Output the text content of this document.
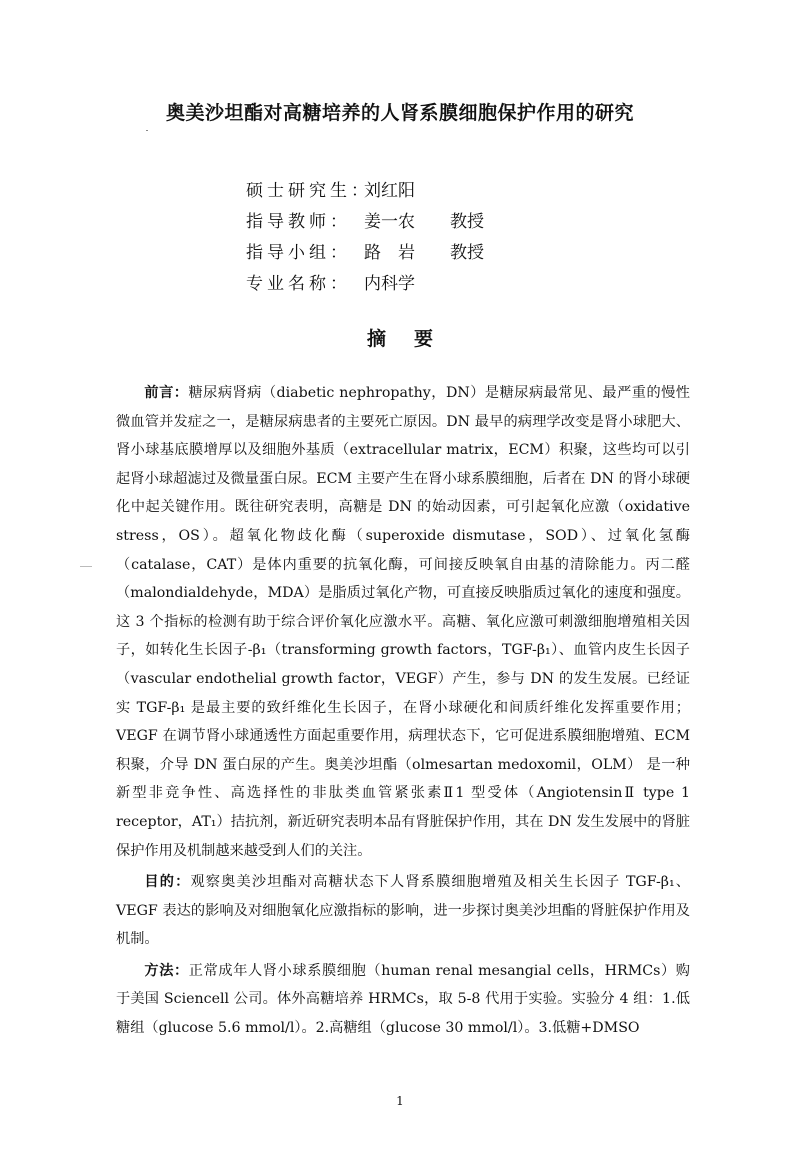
奥美沙坦酯对高糖培养的人肾系膜细胞保护作用的研究
硕士研究生：刘红阳
指导教师： 姜一农 教授
指导小组： 路　岩 教授
专业名称： 内科学
摘要

前言：糖尿病肾病（diabetic nephropathy，DN）是糖尿病最常见、最严重的慢性微血管并发症之一，是糖尿病患者的主要死亡原因。DN 最早的病理学改变是肾小球肥大、肾小球基底膜增厚以及细胞外基质（extracellular matrix，ECM）积聚，这些均可以引起肾小球超滤过及微量蛋白尿。ECM 主要产生在肾小球系膜细胞，后者在 DN 的肾小球硬化中起关键作用。既往研究表明，高糖是 DN 的始动因素，可引起氧化应激（oxidative stress，OS）。超氧化物歧化酶（superoxide dismutase，SOD）、过氧化氢酶（catalase，CAT）是体内重要的抗氧化酶，可间接反映氧自由基的清除能力。丙二醛（malondialdehyde，MDA）是脂质过氧化产物，可直接反映脂质过氧化的速度和强度。这 3 个指标的检测有助于综合评价氧化应激水平。高糖、氧化应激可刺激细胞增殖相关因子，如转化生长因子-β₁（transforming growth factors，TGF-β₁）、血管内皮生长因子（vascular endothelial growth factor，VEGF）产生，参与 DN 的发生发展。已经证实 TGF-β₁ 是最主要的致纤维化生长因子，在肾小球硬化和间质纤维化发挥重要作用；VEGF 在调节肾小球通透性方面起重要作用，病理状态下，它可促进系膜细胞增殖、ECM 积聚，介导 DN 蛋白尿的产生。奥美沙坦酯（olmesartan medoxomil，OLM） 是一种新型非竞争性、高选择性的非肽类血管紧张素Ⅱ1 型受体（AngiotensinⅡ type 1 receptor，AT₁）拮抗剂，新近研究表明本品有肾脏保护作用，其在 DN 发生发展中的肾脏保护作用及机制越来越受到人们的关注。

目的：观察奥美沙坦酯对高糖状态下人肾系膜细胞增殖及相关生长因子 TGF-β₁、VEGF 表达的影响及对细胞氧化应激指标的影响，进一步探讨奥美沙坦酯的肾脏保护作用及机制。

方法：正常成年人肾小球系膜细胞（human renal mesangial cells，HRMCs）购于美国 Sciencell 公司。体外高糖培养 HRMCs，取 5-8 代用于实验。实验分 4 组：1.低糖组（glucose 5.6 mmol/l）。2.高糖组（glucose 30 mmol/l）。3.低糖+DMSO

1
